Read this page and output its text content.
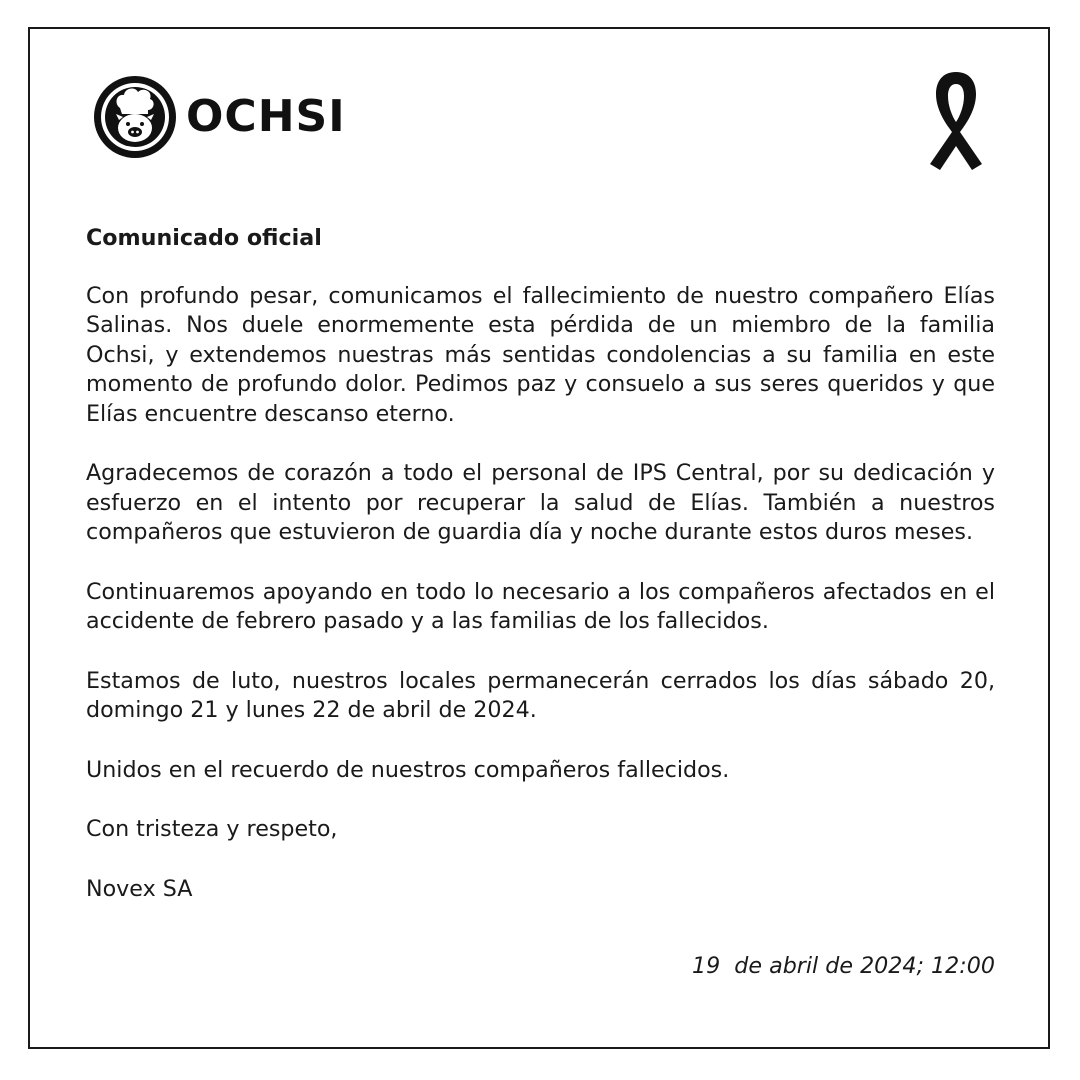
OCHSI

Comunicado oficial

Con profundo pesar, comunicamos el fallecimiento de nuestro compañero Elías Salinas. Nos duele enormemente esta pérdida de un miembro de la familia Ochsi, y extendemos nuestras más sentidas condolencias a su familia en este momento de profundo dolor. Pedimos paz y consuelo a sus seres queridos y que Elías encuentre descanso eterno.

Agradecemos de corazón a todo el personal de IPS Central, por su dedicación y esfuerzo en el intento por recuperar la salud de Elías. También a nuestros compañeros que estuvieron de guardia día y noche durante estos duros meses.

Continuaremos apoyando en todo lo necesario a los compañeros afectados en el accidente de febrero pasado y a las familias de los fallecidos.

Estamos de luto, nuestros locales permanecerán cerrados los días sábado 20, domingo 21 y lunes 22 de abril de 2024.

Unidos en el recuerdo de nuestros compañeros fallecidos.

Con tristeza y respeto,

Novex SA

19  de abril de 2024; 12:00
